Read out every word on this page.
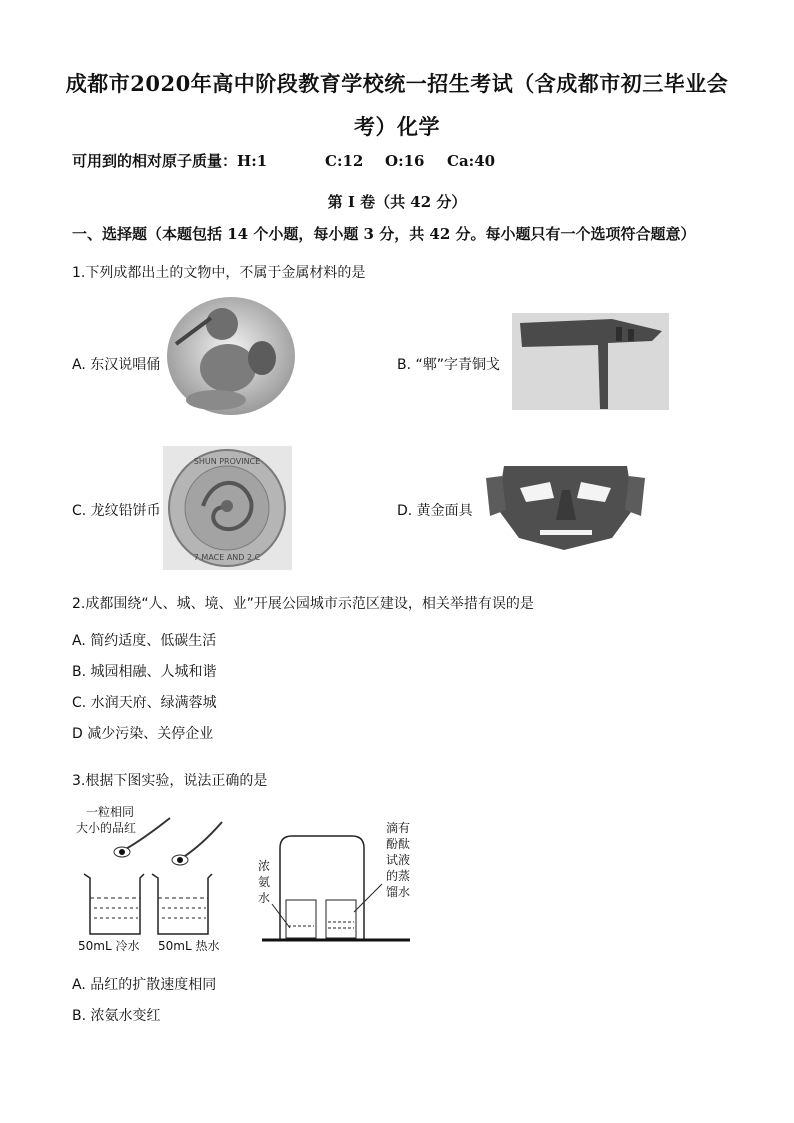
成都市2020年高中阶段教育学校统一招生考试（含成都市初三毕业会
考）化学
可用到的相对原子质量：H:1	C:12 O:16 Ca:40
第 I 卷（共 42 分）
一、选择题（本题包括 14 个小题，每小题 3 分，共 42 分。每小题只有一个选项符合题意）
1.下列成都出土的文物中，不属于金属材料的是
A. 东汉说唱俑	B. “郫”字青铜戈
SHUN PROVINCE
7 MACE AND 2 C
C. 龙纹铅饼币	D. 黄金面具
2.成都围绕“人、城、境、业”开展公园城市示范区建设，相关举措有误的是
A. 简约适度、低碳生活
B. 城园相融、人城和谐
C. 水润天府、绿满蓉城
D 减少污染、关停企业
3.根据下图实验，说法正确的是
一粒相同
大小的品红
50mL 冷水 50mL 热水
浓
氨
水
滴有
酚酞
试液
的蒸
馏水
A. 品红的扩散速度相同
B. 浓氨水变红
